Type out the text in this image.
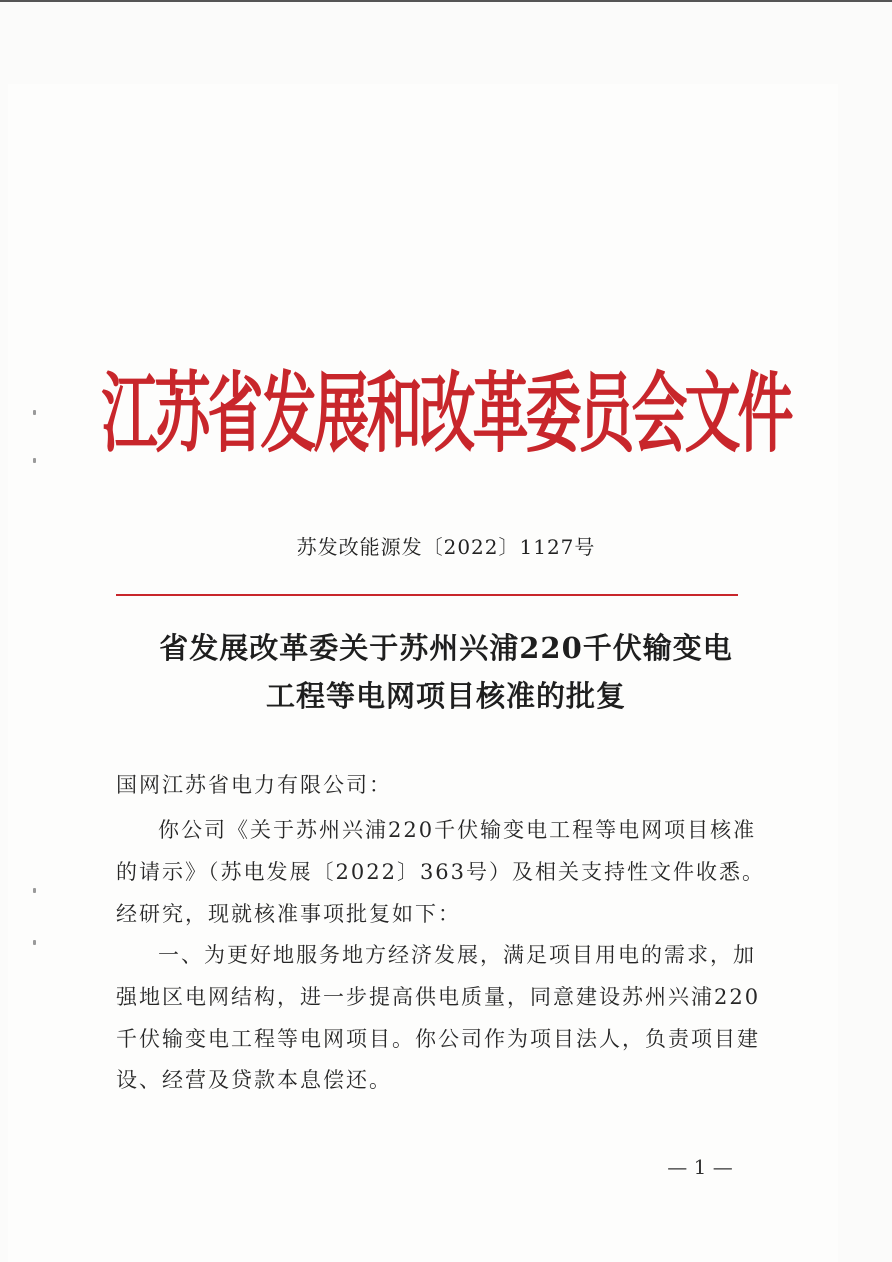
江苏省发展和改革委员会文件
苏发改能源发〔2022〕1127号
省发展改革委关于苏州兴浦220千伏输变电
工程等电网项目核准的批复
国网江苏省电力有限公司：
你公司《关于苏州兴浦220千伏输变电工程等电网项目核准
的请示》（苏电发展〔2022〕363号）及相关支持性文件收悉。
经研究，现就核准事项批复如下：
一、为更好地服务地方经济发展，满足项目用电的需求，加
强地区电网结构，进一步提高供电质量，同意建设苏州兴浦220
千伏输变电工程等电网项目。你公司作为项目法人，负责项目建
设、经营及贷款本息偿还。
— 1 —
